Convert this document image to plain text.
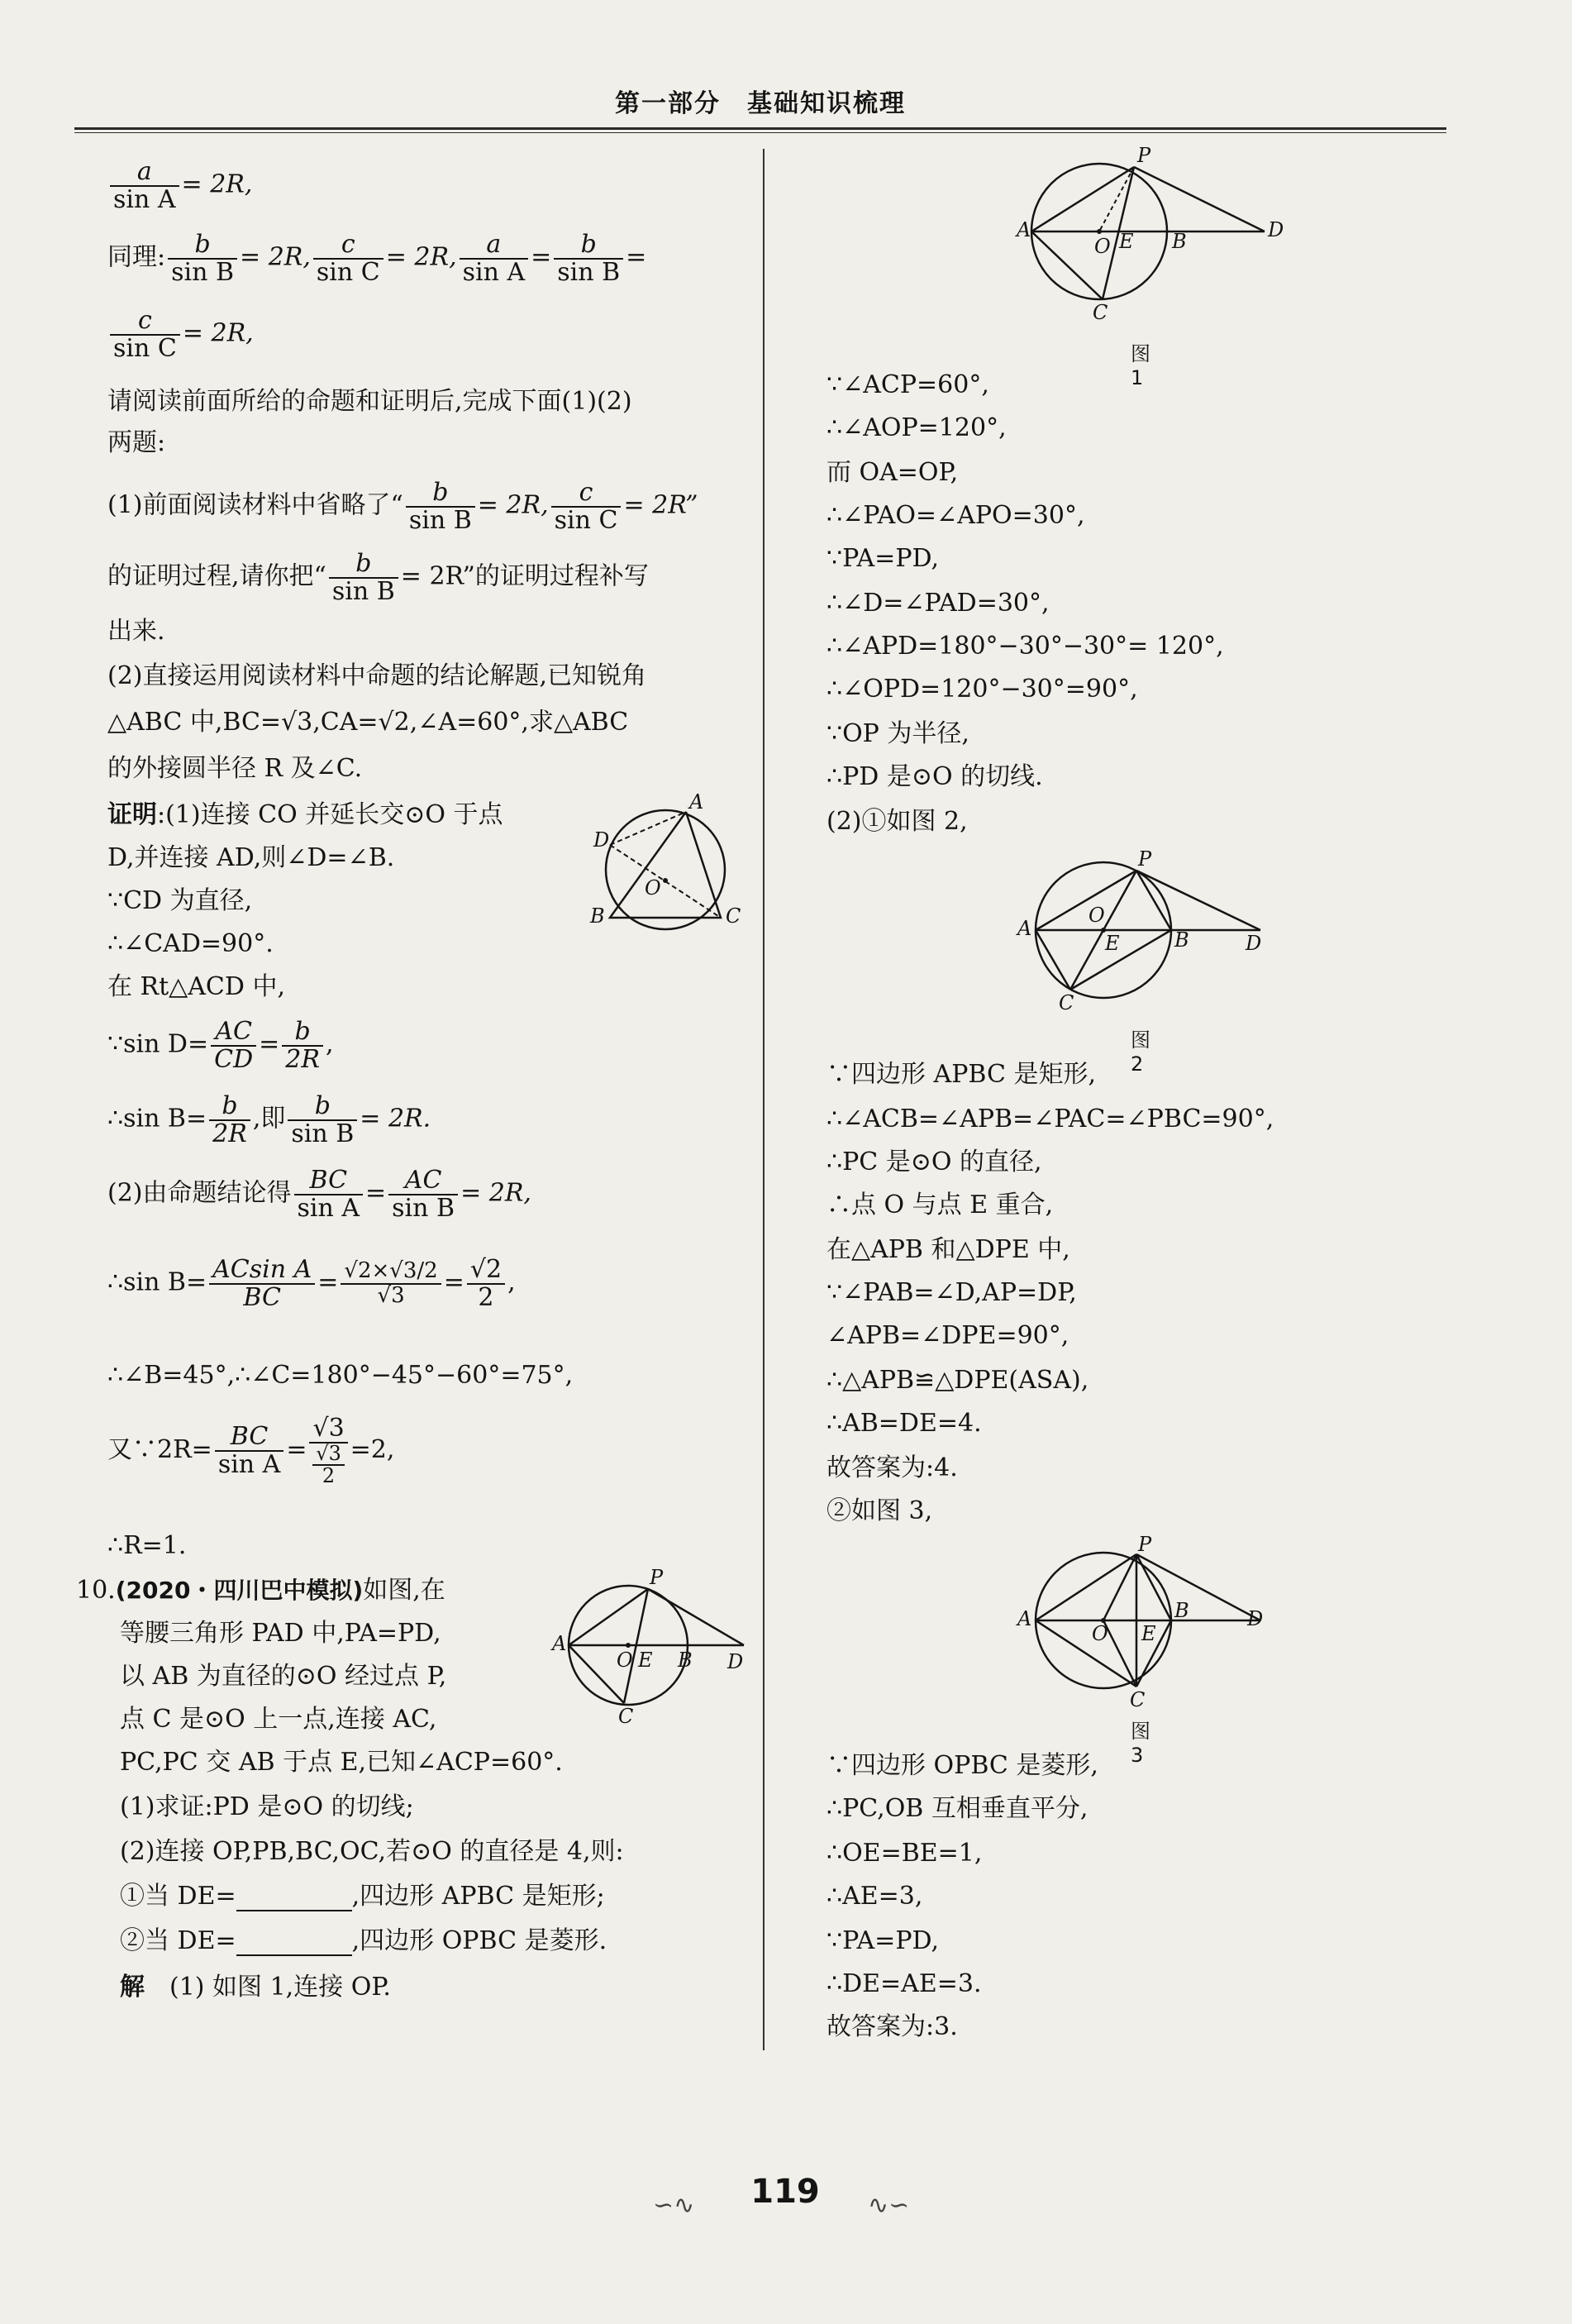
第一部分　基础知识梳理
$\frac{a}{\text{sin A}} = 2R$,
同理: $\frac{b}{\text{sin B}} = 2R$, $\frac{c}{\text{sin C}} = 2R$, $\frac{a}{\text{sin A}} = \frac{b}{\text{sin B}}$ =
$\frac{c}{\text{sin C}} = 2R$,
请阅读前面所给的命题和证明后,完成下面(1)(2)
两题:
(1)前面阅读材料中省略了“ $\frac{b}{\text{sin B}} = 2R$, $\frac{c}{\text{sin C}} = 2R$”
的证明过程,请你把“ $\frac{b}{\text{sin B}} = 2R$”的证明过程补写
出来.
(2)直接运用阅读材料中命题的结论解题,已知锐角
△ABC 中,BC=√3,CA=√2,∠A=60°,求△ABC
的外接圆半径 R 及∠C.
证明:(1)连接 CO 并延长交⊙O 于点
D,并连接 AD,则∠D=∠B.
∵CD 为直径,
∴∠CAD=90°.
在 Rt△ACD 中,
∵sin $D= \frac{AC}{CD} = \frac{b}{2R}$ ,
∴sin $B= \frac{b}{2R}$ ,即 $\frac{b}{\text{sin B}} = 2R$.
(2)由命题结论得 $\frac{BC}{\text{sin A}} = \frac{AC}{\text{sin B}} = 2R$,
∴sin $B= \frac{\text{ACsin A}}{BC} = \frac{√2\times√3/2}{√3} = \frac{√2}{2}$ ,
∴∠B=45°,∴∠C=180°−45°−60°=75°,
又∵2R= $\frac{BC}{\text{sin A}}$ =
√3
√3
2
=2,
∴R=1.
10.(2020・四川巴中模拟)如图,在
等腰三角形 PAD 中,PA=PD,
以 AB 为直径的⊙O 经过点 P,
点 C 是⊙O 上一点,连接 AC,
PC,PC 交 AB 于点 E,已知∠ACP=60°.
(1)求证:PD 是⊙O 的切线;
(2)连接 OP,PB,BC,OC,若⊙O 的直径是 4,则:
①当 DE=	,四边形 APBC 是矩形;
②当 DE=	,四边形 OPBC 是菱形.
解　(1) 如图 1,连接 OP.
A
D
B	C
O
P
A
O E B D
C
P
A
O E B	D
C
图 1
∵∠ACP=60°,
∴∠AOP=120°,
而 OA=OP,
∴∠PAO=∠APO=30°,
∵PA=PD,
∴∠D=∠PAD=30°,
∴∠APD=180°−30°−30°= 120°,
∴∠OPD=120°−30°=90°,
∵OP 为半径,
∴PD 是⊙O 的切线.
(2)①如图 2,
P
A
O
E	B	D
C
图 2
∵四边形 APBC 是矩形,
∴∠ACB=∠APB=∠PAC=∠PBC=90°,
∴PC 是⊙O 的直径,
∴点 O 与点 E 重合,
在△APB 和△DPE 中,
∵∠PAB=∠D,AP=DP,
∠APB=∠DPE=90°,
∴△APB≌△DPE(ASA),
∴AB=DE=4.
故答案为:4.
②如图 3,
P
A
O E
B	D
C
图 3
∵四边形 OPBC 是菱形,
∴PC,OB 互相垂直平分,
∴OE=BE=1,
∴AE=3,
∵PA=PD,
∴DE=AE=3.
故答案为:3.
∽∿	119	∿∽
